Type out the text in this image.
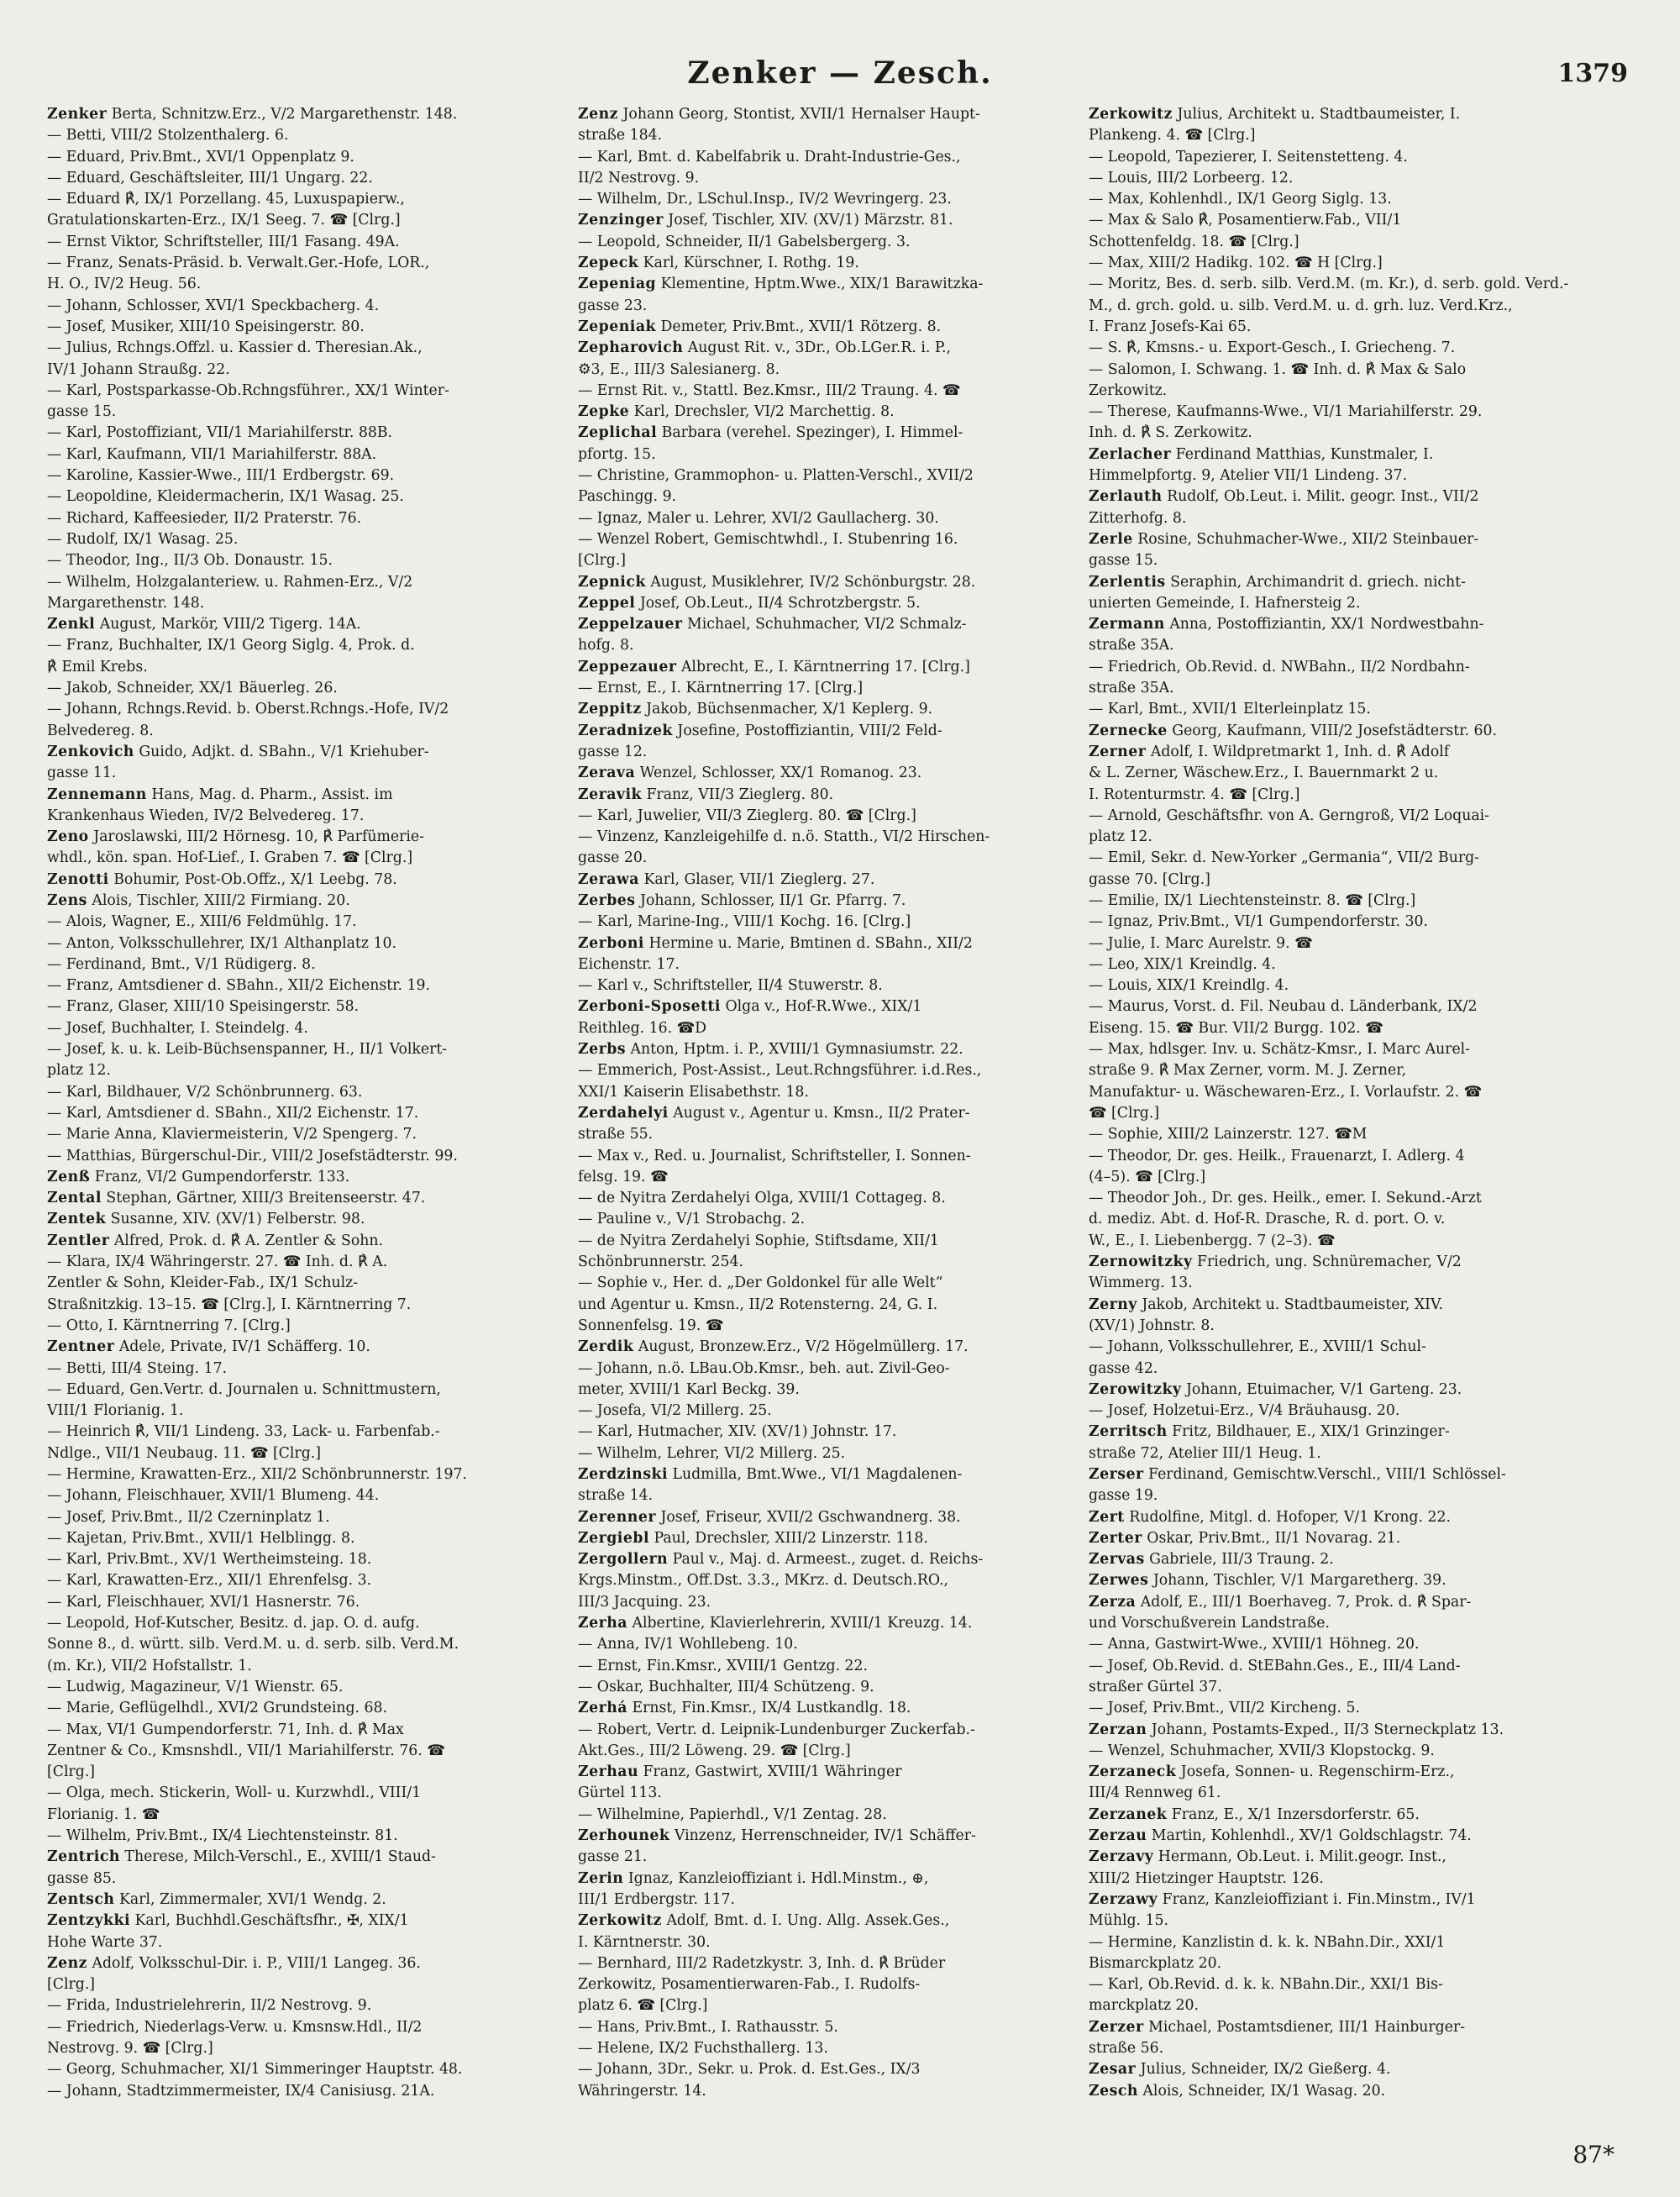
Zenker — Zesch.	1379
Zenker Berta, Schnitzw.Erz., V/2 Margarethenstr. 148.
— Betti, VIII/2 Stolzenthalerg. 6.
— Eduard, Priv.Bmt., XVI/1 Oppenplatz 9.
— Eduard, Geschäftsleiter, III/1 Ungarg. 22.
— Eduard ℟, IX/1 Porzellang. 45, Luxuspapierw.,
Gratulationskarten-Erz., IX/1 Seeg. 7. ☎ [Clrg.]
— Ernst Viktor, Schriftsteller, III/1 Fasang. 49A.
— Franz, Senats-Präsid. b. Verwalt.Ger.-Hofe, LOR.,
H. O., IV/2 Heug. 56.
— Johann, Schlosser, XVI/1 Speckbacherg. 4.
— Josef, Musiker, XIII/10 Speisingerstr. 80.
— Julius, Rchngs.Offzl. u. Kassier d. Theresian.Ak.,
IV/1 Johann Straußg. 22.
— Karl, Postsparkasse-Ob.Rchngsführer., XX/1 Winter-
gasse 15.
— Karl, Postoffiziant, VII/1 Mariahilferstr. 88B.
— Karl, Kaufmann, VII/1 Mariahilferstr. 88A.
— Karoline, Kassier-Wwe., III/1 Erdbergstr. 69.
— Leopoldine, Kleidermacherin, IX/1 Wasag. 25.
— Richard, Kaffeesieder, II/2 Praterstr. 76.
— Rudolf, IX/1 Wasag. 25.
— Theodor, Ing., II/3 Ob. Donaustr. 15.
— Wilhelm, Holzgalanteriew. u. Rahmen-Erz., V/2
Margarethenstr. 148.
Zenkl August, Markör, VIII/2 Tigerg. 14A.
— Franz, Buchhalter, IX/1 Georg Siglg. 4, Prok. d.
℟ Emil Krebs.
— Jakob, Schneider, XX/1 Bäuerleg. 26.
— Johann, Rchngs.Revid. b. Oberst.Rchngs.-Hofe, IV/2
Belvedereg. 8.
Zenkovich Guido, Adjkt. d. SBahn., V/1 Kriehuber-
gasse 11.
Zennemann Hans, Mag. d. Pharm., Assist. im
Krankenhaus Wieden, IV/2 Belvedereg. 17.
Zeno Jaroslawski, III/2 Hörnesg. 10, ℟ Parfümerie-
whdl., kön. span. Hof-Lief., I. Graben 7. ☎ [Clrg.]
Zenotti Bohumir, Post-Ob.Offz., X/1 Leebg. 78.
Zens Alois, Tischler, XIII/2 Firmiang. 20.
— Alois, Wagner, E., XIII/6 Feldmühlg. 17.
— Anton, Volksschullehrer, IX/1 Althanplatz 10.
— Ferdinand, Bmt., V/1 Rüdigerg. 8.
— Franz, Amtsdiener d. SBahn., XII/2 Eichenstr. 19.
— Franz, Glaser, XIII/10 Speisingerstr. 58.
— Josef, Buchhalter, I. Steindelg. 4.
— Josef, k. u. k. Leib-Büchsenspanner, H., II/1 Volkert-
platz 12.
— Karl, Bildhauer, V/2 Schönbrunnerg. 63.
— Karl, Amtsdiener d. SBahn., XII/2 Eichenstr. 17.
— Marie Anna, Klaviermeisterin, V/2 Spengerg. 7.
— Matthias, Bürgerschul-Dir., VIII/2 Josefstädterstr. 99.
Zenß Franz, VI/2 Gumpendorferstr. 133.
Zental Stephan, Gärtner, XIII/3 Breitenseerstr. 47.
Zentek Susanne, XIV. (XV/1) Felberstr. 98.
Zentler Alfred, Prok. d. ℟ A. Zentler & Sohn.
— Klara, IX/4 Währingerstr. 27. ☎ Inh. d. ℟ A.
Zentler & Sohn, Kleider-Fab., IX/1 Schulz-
Straßnitzkig. 13–15. ☎ [Clrg.], I. Kärntnerring 7.
— Otto, I. Kärntnerring 7. [Clrg.]
Zentner Adele, Private, IV/1 Schäfferg. 10.
— Betti, III/4 Steing. 17.
— Eduard, Gen.Vertr. d. Journalen u. Schnittmustern,
VIII/1 Florianig. 1.
— Heinrich ℟, VII/1 Lindeng. 33, Lack- u. Farbenfab.-
Ndlge., VII/1 Neubaug. 11. ☎ [Clrg.]
— Hermine, Krawatten-Erz., XII/2 Schönbrunnerstr. 197.
— Johann, Fleischhauer, XVII/1 Blumeng. 44.
— Josef, Priv.Bmt., II/2 Czerninplatz 1.
— Kajetan, Priv.Bmt., XVII/1 Helblingg. 8.
— Karl, Priv.Bmt., XV/1 Wertheimsteing. 18.
— Karl, Krawatten-Erz., XII/1 Ehrenfelsg. 3.
— Karl, Fleischhauer, XVI/1 Hasnerstr. 76.
— Leopold, Hof-Kutscher, Besitz. d. jap. O. d. aufg.
Sonne 8., d. württ. silb. Verd.M. u. d. serb. silb. Verd.M.
(m. Kr.), VII/2 Hofstallstr. 1.
— Ludwig, Magazineur, V/1 Wienstr. 65.
— Marie, Geflügelhdl., XVI/2 Grundsteing. 68.
— Max, VI/1 Gumpendorferstr. 71, Inh. d. ℟ Max
Zentner & Co., Kmsnshdl., VII/1 Mariahilferstr. 76. ☎
[Clrg.]
— Olga, mech. Stickerin, Woll- u. Kurzwhdl., VIII/1
Florianig. 1. ☎
— Wilhelm, Priv.Bmt., IX/4 Liechtensteinstr. 81.
Zentrich Therese, Milch-Verschl., E., XVIII/1 Staud-
gasse 85.
Zentsch Karl, Zimmermaler, XVI/1 Wendg. 2.
Zentzykki Karl, Buchhdl.Geschäftsfhr., ✠, XIX/1
Hohe Warte 37.
Zenz Adolf, Volksschul-Dir. i. P., VIII/1 Langeg. 36.
[Clrg.]
— Frida, Industrielehrerin, II/2 Nestrovg. 9.
— Friedrich, Niederlags-Verw. u. Kmsnsw.Hdl., II/2
Nestrovg. 9. ☎ [Clrg.]
— Georg, Schuhmacher, XI/1 Simmeringer Hauptstr. 48.
— Johann, Stadtzimmermeister, IX/4 Canisiusg. 21A.
Zenz Johann Georg, Stontist, XVII/1 Hernalser Haupt-
straße 184.
— Karl, Bmt. d. Kabelfabrik u. Draht-Industrie-Ges.,
II/2 Nestrovg. 9.
— Wilhelm, Dr., LSchul.Insp., IV/2 Wevringerg. 23.
Zenzinger Josef, Tischler, XIV. (XV/1) Märzstr. 81.
— Leopold, Schneider, II/1 Gabelsbergerg. 3.
Zepeck Karl, Kürschner, I. Rothg. 19.
Zepeniag Klementine, Hptm.Wwe., XIX/1 Barawitzka-
gasse 23.
Zepeniak Demeter, Priv.Bmt., XVII/1 Rötzerg. 8.
Zepharovich August Rit. v., 3Dr., Ob.LGer.R. i. P.,
⚙3, E., III/3 Salesianerg. 8.
— Ernst Rit. v., Stattl. Bez.Kmsr., III/2 Traung. 4. ☎
Zepke Karl, Drechsler, VI/2 Marchettig. 8.
Zeplichal Barbara (verehel. Spezinger), I. Himmel-
pfortg. 15.
— Christine, Grammophon- u. Platten-Verschl., XVII/2
Paschingg. 9.
— Ignaz, Maler u. Lehrer, XVI/2 Gaullacherg. 30.
— Wenzel Robert, Gemischtwhdl., I. Stubenring 16.
[Clrg.]
Zepnick August, Musiklehrer, IV/2 Schönburgstr. 28.
Zeppel Josef, Ob.Leut., II/4 Schrotzbergstr. 5.
Zeppelzauer Michael, Schuhmacher, VI/2 Schmalz-
hofg. 8.
Zeppezauer Albrecht, E., I. Kärntnerring 17. [Clrg.]
— Ernst, E., I. Kärntnerring 17. [Clrg.]
Zeppitz Jakob, Büchsenmacher, X/1 Keplerg. 9.
Zeradnizek Josefine, Postoffiziantin, VIII/2 Feld-
gasse 12.
Zerava Wenzel, Schlosser, XX/1 Romanog. 23.
Zeravik Franz, VII/3 Zieglerg. 80.
— Karl, Juwelier, VII/3 Zieglerg. 80. ☎ [Clrg.]
— Vinzenz, Kanzleigehilfe d. n.ö. Statth., VI/2 Hirschen-
gasse 20.
Zerawa Karl, Glaser, VII/1 Zieglerg. 27.
Zerbes Johann, Schlosser, II/1 Gr. Pfarrg. 7.
— Karl, Marine-Ing., VIII/1 Kochg. 16. [Clrg.]
Zerboni Hermine u. Marie, Bmtinen d. SBahn., XII/2
Eichenstr. 17.
— Karl v., Schriftsteller, II/4 Stuwerstr. 8.
Zerboni-Sposetti Olga v., Hof-R.Wwe., XIX/1
Reithleg. 16. ☎D
Zerbs Anton, Hptm. i. P., XVIII/1 Gymnasiumstr. 22.
— Emmerich, Post-Assist., Leut.Rchngsführer. i.d.Res.,
XXI/1 Kaiserin Elisabethstr. 18.
Zerdahelyi August v., Agentur u. Kmsn., II/2 Prater-
straße 55.
— Max v., Red. u. Journalist, Schriftsteller, I. Sonnen-
felsg. 19. ☎
— de Nyitra Zerdahelyi Olga, XVIII/1 Cottageg. 8.
— Pauline v., V/1 Strobachg. 2.
— de Nyitra Zerdahelyi Sophie, Stiftsdame, XII/1
Schönbrunnerstr. 254.
— Sophie v., Her. d. „Der Goldonkel für alle Welt“
und Agentur u. Kmsn., II/2 Rotensterng. 24, G. I.
Sonnenfelsg. 19. ☎
Zerdik August, Bronzew.Erz., V/2 Högelmüllerg. 17.
— Johann, n.ö. LBau.Ob.Kmsr., beh. aut. Zivil-Geo-
meter, XVIII/1 Karl Beckg. 39.
— Josefa, VI/2 Millerg. 25.
— Karl, Hutmacher, XIV. (XV/1) Johnstr. 17.
— Wilhelm, Lehrer, VI/2 Millerg. 25.
Zerdzinski Ludmilla, Bmt.Wwe., VI/1 Magdalenen-
straße 14.
Zerenner Josef, Friseur, XVII/2 Gschwandnerg. 38.
Zergiebl Paul, Drechsler, XIII/2 Linzerstr. 118.
Zergollern Paul v., Maj. d. Armeest., zuget. d. Reichs-
Krgs.Minstm., Off.Dst. 3.3., MKrz. d. Deutsch.RO.,
III/3 Jacquing. 23.
Zerha Albertine, Klavierlehrerin, XVIII/1 Kreuzg. 14.
— Anna, IV/1 Wohllebeng. 10.
— Ernst, Fin.Kmsr., XVIII/1 Gentzg. 22.
— Oskar, Buchhalter, III/4 Schützeng. 9.
Zerhá Ernst, Fin.Kmsr., IX/4 Lustkandlg. 18.
— Robert, Vertr. d. Leipnik-Lundenburger Zuckerfab.-
Akt.Ges., III/2 Löweng. 29. ☎ [Clrg.]
Zerhau Franz, Gastwirt, XVIII/1 Währinger
Gürtel 113.
— Wilhelmine, Papierhdl., V/1 Zentag. 28.
Zerhounek Vinzenz, Herrenschneider, IV/1 Schäffer-
gasse 21.
Zerin Ignaz, Kanzleioffiziant i. Hdl.Minstm., ⊕,
III/1 Erdbergstr. 117.
Zerkowitz Adolf, Bmt. d. I. Ung. Allg. Assek.Ges.,
I. Kärntnerstr. 30.
— Bernhard, III/2 Radetzkystr. 3, Inh. d. ℟ Brüder
Zerkowitz, Posamentierwaren-Fab., I. Rudolfs-
platz 6. ☎ [Clrg.]
— Hans, Priv.Bmt., I. Rathausstr. 5.
— Helene, IX/2 Fuchsthallerg. 13.
— Johann, 3Dr., Sekr. u. Prok. d. Est.Ges., IX/3
Währingerstr. 14.
Zerkowitz Julius, Architekt u. Stadtbaumeister, I.
Plankeng. 4. ☎ [Clrg.]
— Leopold, Tapezierer, I. Seitenstetteng. 4.
— Louis, III/2 Lorbeerg. 12.
— Max, Kohlenhdl., IX/1 Georg Siglg. 13.
— Max & Salo ℟, Posamentierw.Fab., VII/1
Schottenfeldg. 18. ☎ [Clrg.]
— Max, XIII/2 Hadikg. 102. ☎ H [Clrg.]
— Moritz, Bes. d. serb. silb. Verd.M. (m. Kr.), d. serb. gold. Verd.-
M., d. grch. gold. u. silb. Verd.M. u. d. grh. luz. Verd.Krz.,
I. Franz Josefs-Kai 65.
— S. ℟, Kmsns.- u. Export-Gesch., I. Griecheng. 7.
— Salomon, I. Schwang. 1. ☎ Inh. d. ℟ Max & Salo
Zerkowitz.
— Therese, Kaufmanns-Wwe., VI/1 Mariahilferstr. 29.
Inh. d. ℟ S. Zerkowitz.
Zerlacher Ferdinand Matthias, Kunstmaler, I.
Himmelpfortg. 9, Atelier VII/1 Lindeng. 37.
Zerlauth Rudolf, Ob.Leut. i. Milit. geogr. Inst., VII/2
Zitterhofg. 8.
Zerle Rosine, Schuhmacher-Wwe., XII/2 Steinbauer-
gasse 15.
Zerlentis Seraphin, Archimandrit d. griech. nicht-
unierten Gemeinde, I. Hafnersteig 2.
Zermann Anna, Postoffiziantin, XX/1 Nordwestbahn-
straße 35A.
— Friedrich, Ob.Revid. d. NWBahn., II/2 Nordbahn-
straße 35A.
— Karl, Bmt., XVII/1 Elterleinplatz 15.
Zernecke Georg, Kaufmann, VIII/2 Josefstädterstr. 60.
Zerner Adolf, I. Wildpretmarkt 1, Inh. d. ℟ Adolf
& L. Zerner, Wäschew.Erz., I. Bauernmarkt 2 u.
I. Rotenturmstr. 4. ☎ [Clrg.]
— Arnold, Geschäftsfhr. von A. Gerngroß, VI/2 Loquai-
platz 12.
— Emil, Sekr. d. New-Yorker „Germania“, VII/2 Burg-
gasse 70. [Clrg.]
— Emilie, IX/1 Liechtensteinstr. 8. ☎ [Clrg.]
— Ignaz, Priv.Bmt., VI/1 Gumpendorferstr. 30.
— Julie, I. Marc Aurelstr. 9. ☎
— Leo, XIX/1 Kreindlg. 4.
— Louis, XIX/1 Kreindlg. 4.
— Maurus, Vorst. d. Fil. Neubau d. Länderbank, IX/2
Eiseng. 15. ☎ Bur. VII/2 Burgg. 102. ☎
— Max, hdlsger. Inv. u. Schätz-Kmsr., I. Marc Aurel-
straße 9. ℟ Max Zerner, vorm. M. J. Zerner,
Manufaktur- u. Wäschewaren-Erz., I. Vorlaufstr. 2. ☎
☎ [Clrg.]
— Sophie, XIII/2 Lainzerstr. 127. ☎M
— Theodor, Dr. ges. Heilk., Frauenarzt, I. Adlerg. 4
(4–5). ☎ [Clrg.]
— Theodor Joh., Dr. ges. Heilk., emer. I. Sekund.-Arzt
d. mediz. Abt. d. Hof-R. Drasche, R. d. port. O. v.
W., E., I. Liebenbergg. 7 (2–3). ☎
Zernowitzky Friedrich, ung. Schnüremacher, V/2
Wimmerg. 13.
Zerny Jakob, Architekt u. Stadtbaumeister, XIV.
(XV/1) Johnstr. 8.
— Johann, Volksschullehrer, E., XVIII/1 Schul-
gasse 42.
Zerowitzky Johann, Etuimacher, V/1 Garteng. 23.
— Josef, Holzetui-Erz., V/4 Bräuhausg. 20.
Zerritsch Fritz, Bildhauer, E., XIX/1 Grinzinger-
straße 72, Atelier III/1 Heug. 1.
Zerser Ferdinand, Gemischtw.Verschl., VIII/1 Schlössel-
gasse 19.
Zert Rudolfine, Mitgl. d. Hofoper, V/1 Krong. 22.
Zerter Oskar, Priv.Bmt., II/1 Novarag. 21.
Zervas Gabriele, III/3 Traung. 2.
Zerwes Johann, Tischler, V/1 Margaretherg. 39.
Zerza Adolf, E., III/1 Boerhaveg. 7, Prok. d. ℟ Spar-
und Vorschußverein Landstraße.
— Anna, Gastwirt-Wwe., XVIII/1 Höhneg. 20.
— Josef, Ob.Revid. d. StEBahn.Ges., E., III/4 Land-
straßer Gürtel 37.
— Josef, Priv.Bmt., VII/2 Kircheng. 5.
Zerzan Johann, Postamts-Exped., II/3 Sterneckplatz 13.
— Wenzel, Schuhmacher, XVII/3 Klopstockg. 9.
Zerzaneck Josefa, Sonnen- u. Regenschirm-Erz.,
III/4 Rennweg 61.
Zerzanek Franz, E., X/1 Inzersdorferstr. 65.
Zerzau Martin, Kohlenhdl., XV/1 Goldschlagstr. 74.
Zerzavy Hermann, Ob.Leut. i. Milit.geogr. Inst.,
XIII/2 Hietzinger Hauptstr. 126.
Zerzawy Franz, Kanzleioffiziant i. Fin.Minstm., IV/1
Mühlg. 15.
— Hermine, Kanzlistin d. k. k. NBahn.Dir., XXI/1
Bismarckplatz 20.
— Karl, Ob.Revid. d. k. k. NBahn.Dir., XXI/1 Bis-
marckplatz 20.
Zerzer Michael, Postamtsdiener, III/1 Hainburger-
straße 56.
Zesar Julius, Schneider, IX/2 Gießerg. 4.
Zesch Alois, Schneider, IX/1 Wasag. 20.
87*
